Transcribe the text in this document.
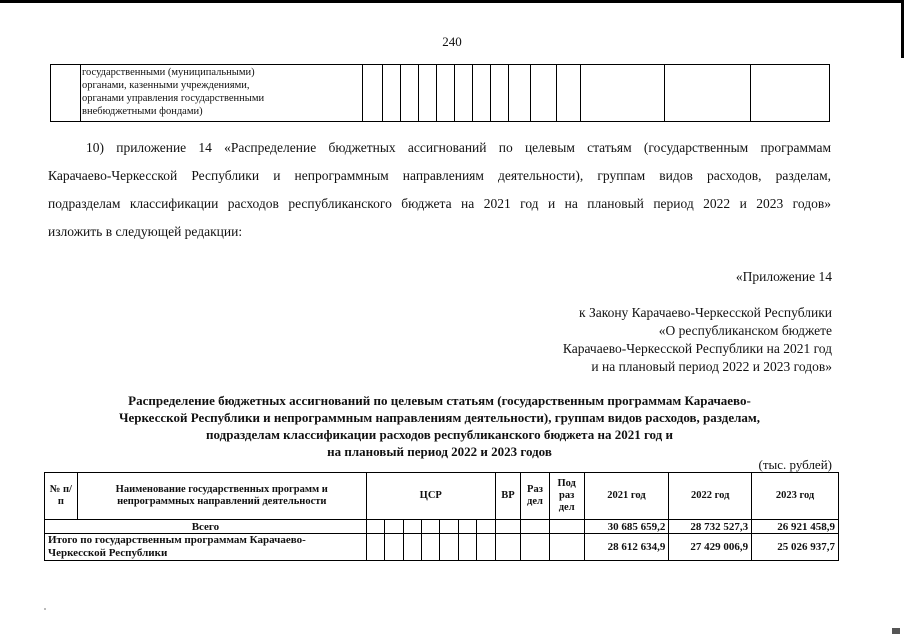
240
государственными (муниципальными)
органами, казенными учреждениями,
органами управления государственными
внебюджетными фондами)
10) приложение 14 «Распределение бюджетных ассигнований по целевым статьям (государственным программам
Карачаево-Черкесской Республики и непрограммным направлениям деятельности), группам видов расходов, разделам,
подразделам классификации расходов республиканского бюджета на 2021 год и на плановый период 2022 и 2023 годов»
изложить в следующей редакции:
«Приложение 14
к Закону Карачаево-Черкесской Республики
«О республиканском бюджете
Карачаево-Черкесской Республики на 2021 год
и на плановый период 2022 и 2023 годов»
Распределение бюджетных ассигнований по целевым статьям (государственным программам Карачаево-
Черкесской Республики и непрограммным направлениям деятельности), группам видов расходов, разделам,
подразделам классификации расходов республиканского бюджета на 2021 год и
на плановый период 2022 и 2023 годов
(тыс. рублей)
№ п/п	Наименование государственных программ и непрограммных направлений деятельности	ЦСР							ВР	Раз дел	Под раз дел	2021 год	2022 год	2023 год
Всего												30 685 659,2	28 732 527,3	26 921 458,9
Итого по государственным программам Карачаево-Черкесской Республики												28 612 634,9	27 429 006,9	25 026 937,7
